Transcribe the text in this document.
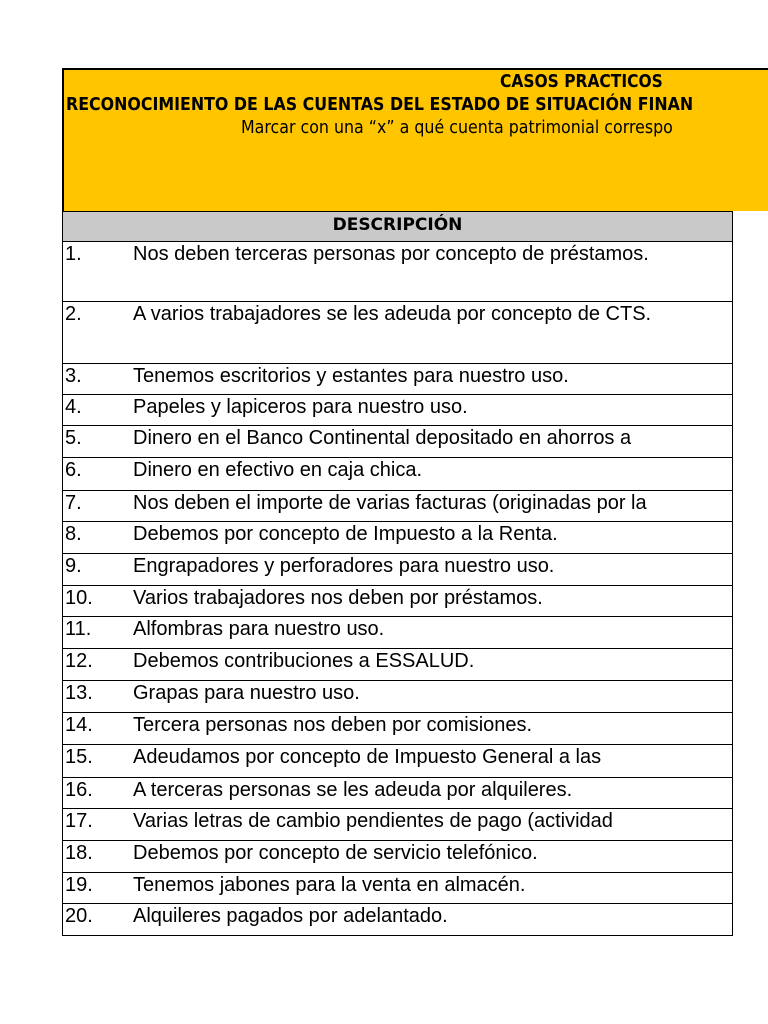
CASOS PRACTICOS
RECONOCIMIENTO DE LAS CUENTAS DEL ESTADO DE SITUACIÓN FINAN
Marcar con una “x” a qué cuenta patrimonial correspo
DESCRIPCIÓN
1.	Nos deben terceras personas por concepto de préstamos.
2.	A varios trabajadores se les adeuda por concepto de CTS.
3.	Tenemos escritorios y estantes para nuestro uso.
4.	Papeles y lapiceros para nuestro uso.
5.	Dinero en el Banco Continental depositado en ahorros a
6.	Dinero en efectivo en caja chica.
7.	Nos deben el importe de varias facturas (originadas por la
8.	Debemos por concepto de Impuesto a la Renta.
9.	Engrapadores y perforadores para nuestro uso.
10. Varios trabajadores nos deben por préstamos.
11. Alfombras para nuestro uso.
12. Debemos contribuciones a ESSALUD.
13. Grapas para nuestro uso.
14. Tercera personas nos deben por comisiones.
15. Adeudamos por concepto de Impuesto General a las
16. A terceras personas se les adeuda por alquileres.
17. Varias letras de cambio pendientes de pago (actividad
18. Debemos por concepto de servicio telefónico.
19. Tenemos jabones para la venta en almacén.
20. Alquileres pagados por adelantado.
